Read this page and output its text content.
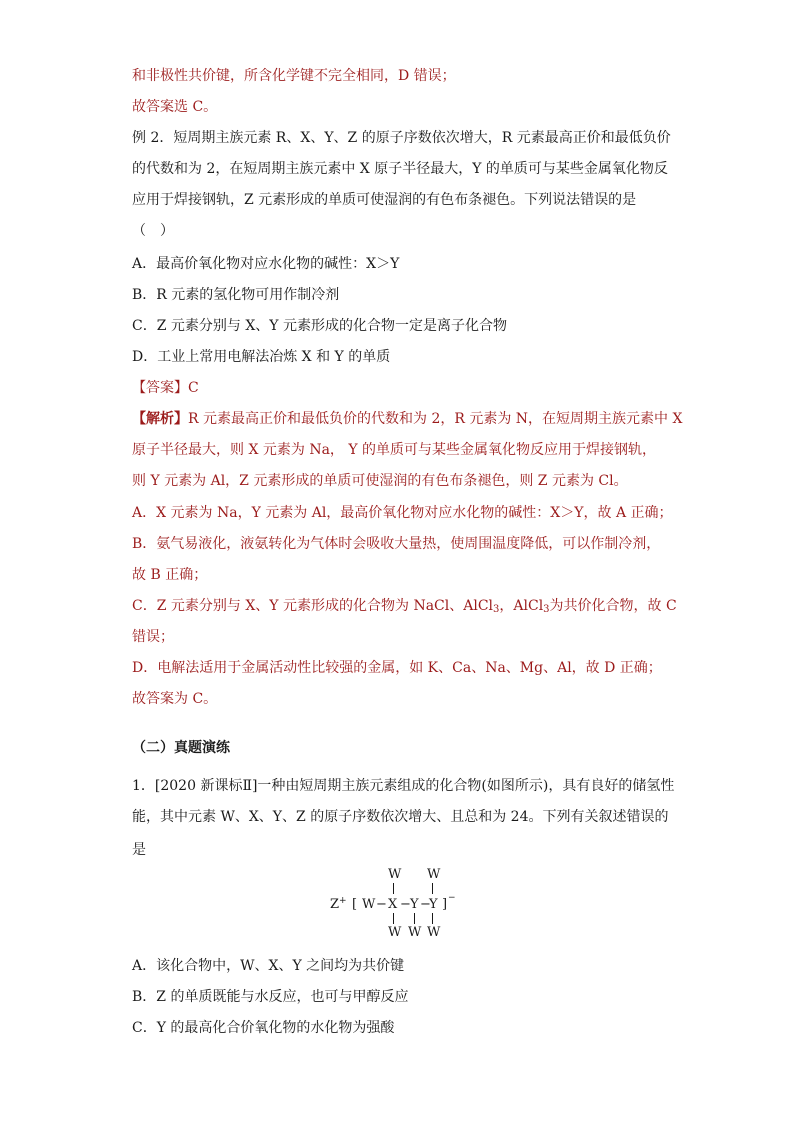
和非极性共价键，所含化学键不完全相同，D 错误；
故答案选 C。
例 2．短周期主族元素 R、X、Y、Z 的原子序数依次增大，R 元素最高正价和最低负价
的代数和为 2，在短周期主族元素中 X 原子半径最大，Y 的单质可与某些金属氧化物反
应用于焊接钢轨，Z 元素形成的单质可使湿润的有色布条褪色。下列说法错误的是
（　）
A．最高价氧化物对应水化物的碱性：X＞Y
B．R 元素的氢化物可用作制冷剂
C．Z 元素分别与 X、Y 元素形成的化合物一定是离子化合物
D．工业上常用电解法冶炼 X 和 Y 的单质
【答案】C
【解析】R 元素最高正价和最低负价的代数和为 2，R 元素为 N，在短周期主族元素中 X
原子半径最大，则 X 元素为 Na， Y 的单质可与某些金属氧化物反应用于焊接钢轨，
则 Y 元素为 Al，Z 元素形成的单质可使湿润的有色布条褪色，则 Z 元素为 Cl。
A．X 元素为 Na，Y 元素为 Al，最高价氧化物对应水化物的碱性：X＞Y，故 A 正确；
B．氨气易液化，液氨转化为气体时会吸收大量热，使周围温度降低，可以作制冷剂，
故 B 正确；
C．Z 元素分别与 X、Y 元素形成的化合物为 NaCl、AlCl$_3$，AlCl$_3$为共价化合物，故 C
错误；
D．电解法适用于金属活动性比较强的金属，如 K、Ca、Na、Mg、Al，故 D 正确；
故答案为 C。
（二）真题演练
1．[2020 新课标Ⅱ]一种由短周期主族元素组成的化合物(如图所示)，具有良好的储氢性
能，其中元素 W、X、Y、Z 的原子序数依次增大、且总和为 24。下列有关叙述错误的
是
W W
Z+ [ W − X − Y −
Y ] −
W W W
A．该化合物中，W、X、Y 之间均为共价键
B．Z 的单质既能与水反应，也可与甲醇反应
C．Y 的最高化合价氧化物的水化物为强酸
